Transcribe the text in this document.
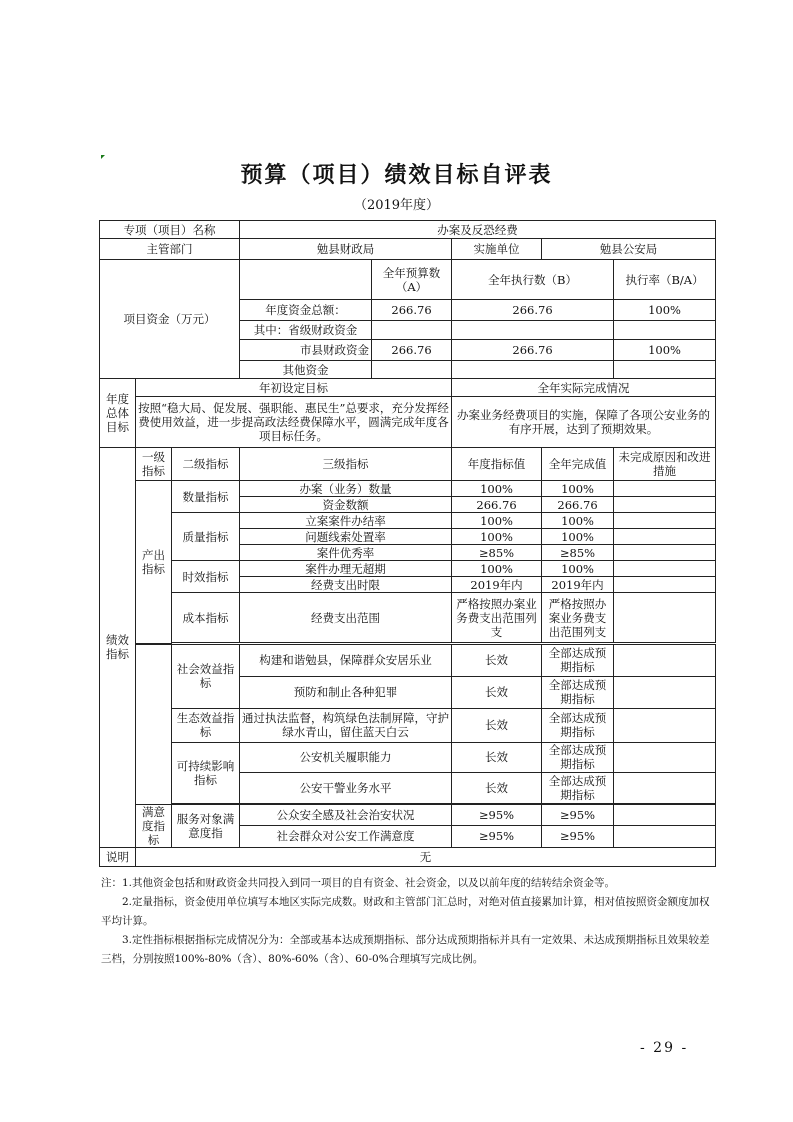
预算（项目）绩效目标自评表
（2019年度）
专项（项目）名称			办案及反恐经费				
主管部门			勉县财政局		实施单位	勉县公安局	
项目资金（万元）				全年预算数（A）	全年执行数（B）		执行率（B/A）
			年度资金总额：	266.76	266.76		100%
			其中：省级财政资金				
			市县财政资金	266.76	266.76		100%
			其他资金				
年度总体目标	年初设定目标				全年实际完成情况		
	按照“稳大局、促发展、强职能、惠民生”总要求，充分发挥经费使用效益，进一步提高政法经费保障水平，圆满完成年度各项目标任务。				办案业务经费项目的实施，保障了各项公安业务的有序开展，达到了预期效果。		
绩效指标	一级指标	二级指标	三级指标		年度指标值	全年完成值	未完成原因和改进措施
	产出指标	数量指标	办案（业务）数量		100%	100%	
			资金数额		266.76	266.76	
		质量指标	立案案件办结率		100%	100%	
			问题线索处置率		100%	100%	
			案件优秀率		≥85%	≥85%	
		时效指标	案件办理无超期		100%	100%	
			经费支出时限		2019年内	2019年内	
		成本指标	经费支出范围		严格按照办案业务费支出范围列支	严格按照办案业务费支出范围列支	

		社会效益指标	构建和谐勉县，保障群众安居乐业		长效	全部达成预期指标	
			预防和制止各种犯罪		长效	全部达成预期指标	
		生态效益指标	通过执法监督，构筑绿色法制屏障，守护绿水青山，留住蓝天白云		长效	全部达成预期指标	
		可持续影响指标	公安机关履职能力		长效	全部达成预期指标	
			公安干警业务水平		长效	全部达成预期指标	

	满意度指标	服务对象满意度指	公众安全感及社会治安状况		≥95%	≥95%	
			社会群众对公安工作满意度		≥95%	≥95%	
说明	无						

注：1.其他资金包括和财政资金共同投入到同一项目的自有资金、社会资金，以及以前年度的结转结余资金等。

2.定量指标，资金使用单位填写本地区实际完成数。财政和主管部门汇总时，对绝对值直接累加计算，相对值按照资金额度加权平均计算。

3.定性指标根据指标完成情况分为：全部或基本达成预期指标、部分达成预期指标并具有一定效果、未达成预期指标且效果较差三档，分别按照100%-80%（含）、80%-60%（含）、60-0%合理填写完成比例。

- 29 -
